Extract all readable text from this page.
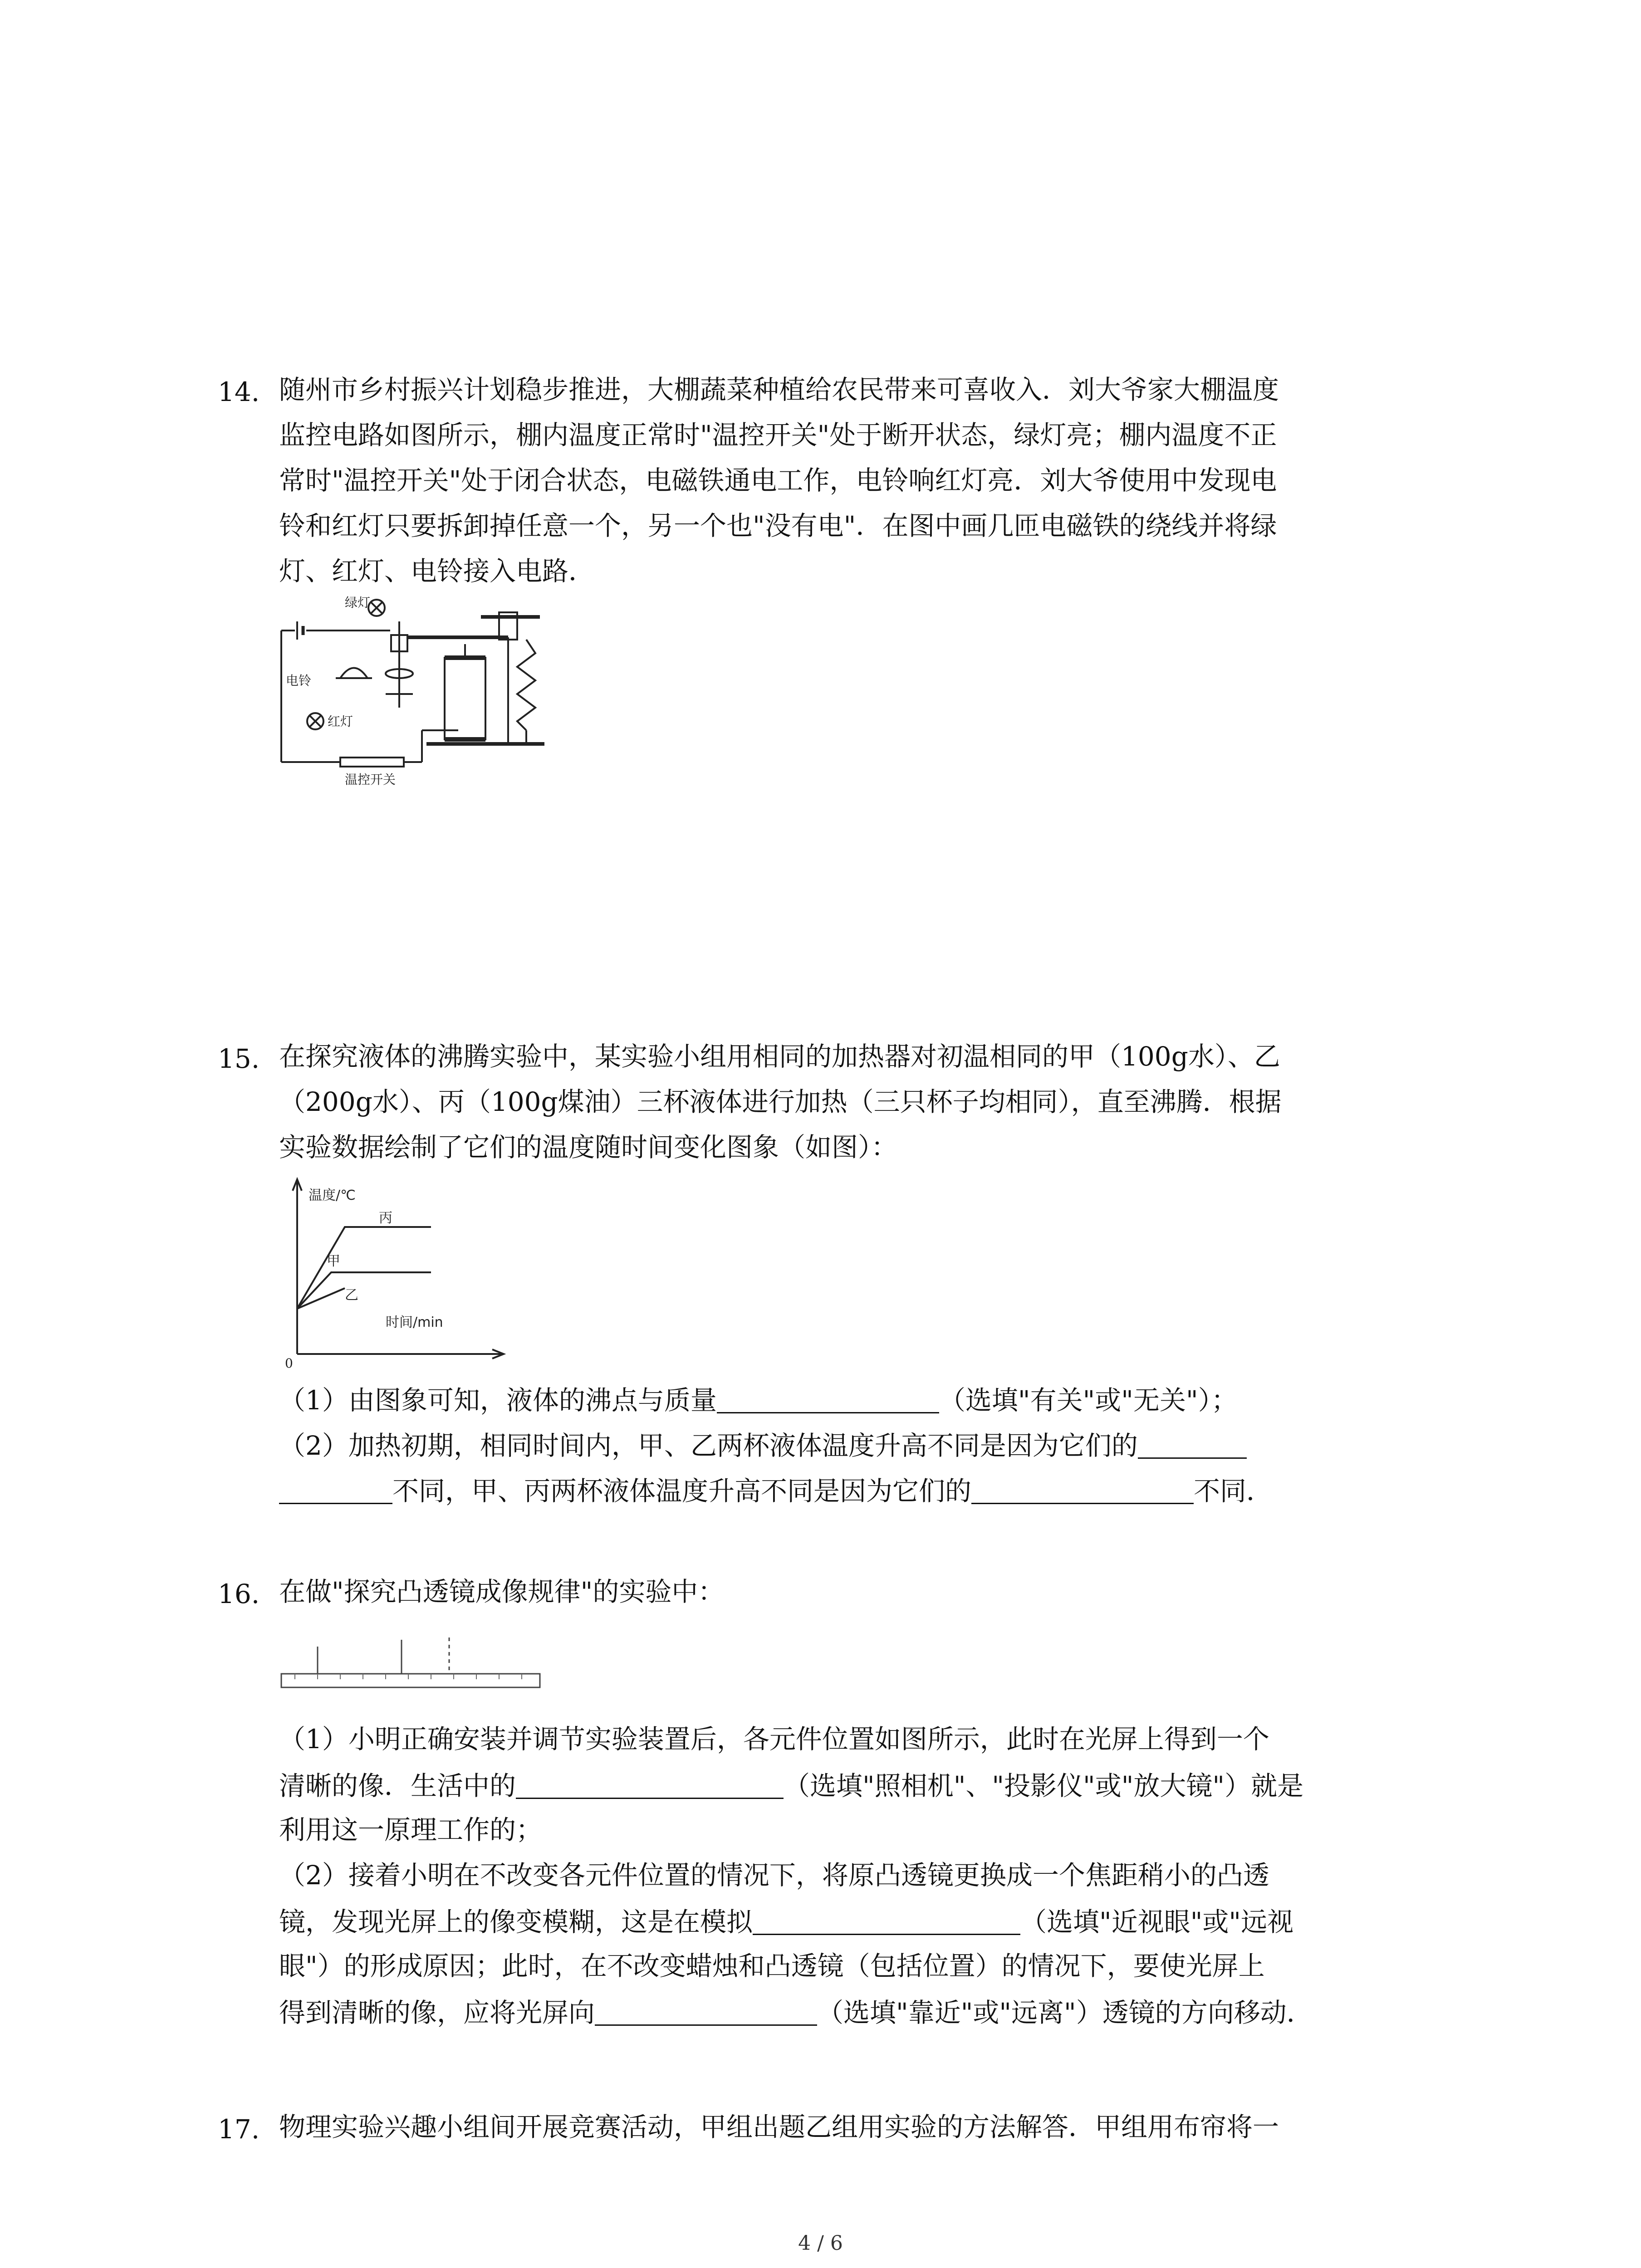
14. 随州市乡村振兴计划稳步推进，大棚蔬菜种植给农民带来可喜收入．刘大爷家大棚温度
监控电路如图所示，棚内温度正常时"温控开关"处于断开状态，绿灯亮；棚内温度不正
常时"温控开关"处于闭合状态，电磁铁通电工作，电铃响红灯亮．刘大爷使用中发现电
铃和红灯只要拆卸掉任意一个，另一个也"没有电"．在图中画几匝电磁铁的绕线并将绿
灯、红灯、电铃接入电路．
绿灯
电铃
红灯
温控开关
15. 在探究液体的沸腾实验中，某实验小组用相同的加热器对初温相同的甲（100g水）、乙
（200g水）、丙（100g煤油）三杯液体进行加热（三只杯子均相同），直至沸腾．根据
实验数据绘制了它们的温度随时间变化图象（如图）：
温度/℃
时间/min
0
丙
甲
乙
（1）由图象可知，液体的沸点与质量	（选填"有关"或"无关"）；
（2）加热初期，相同时间内，甲、乙两杯液体温度升高不同是因为它们的
不同，甲、丙两杯液体温度升高不同是因为它们的	不同．
16. 在做"探究凸透镜成像规律"的实验中：
（1）小明正确安装并调节实验装置后，各元件位置如图所示，此时在光屏上得到一个
清晰的像．生活中的	（选填"照相机"、"投影仪"或"放大镜"）就是
利用这一原理工作的；
（2）接着小明在不改变各元件位置的情况下，将原凸透镜更换成一个焦距稍小的凸透
镜，发现光屏上的像变模糊，这是在模拟	（选填"近视眼"或"远视
眼"）的形成原因；此时，在不改变蜡烛和凸透镜（包括位置）的情况下，要使光屏上
得到清晰的像，应将光屏向	（选填"靠近"或"远离"）透镜的方向移动．
17. 物理实验兴趣小组间开展竞赛活动，甲组出题乙组用实验的方法解答．甲组用布帘将一
4 / 6
